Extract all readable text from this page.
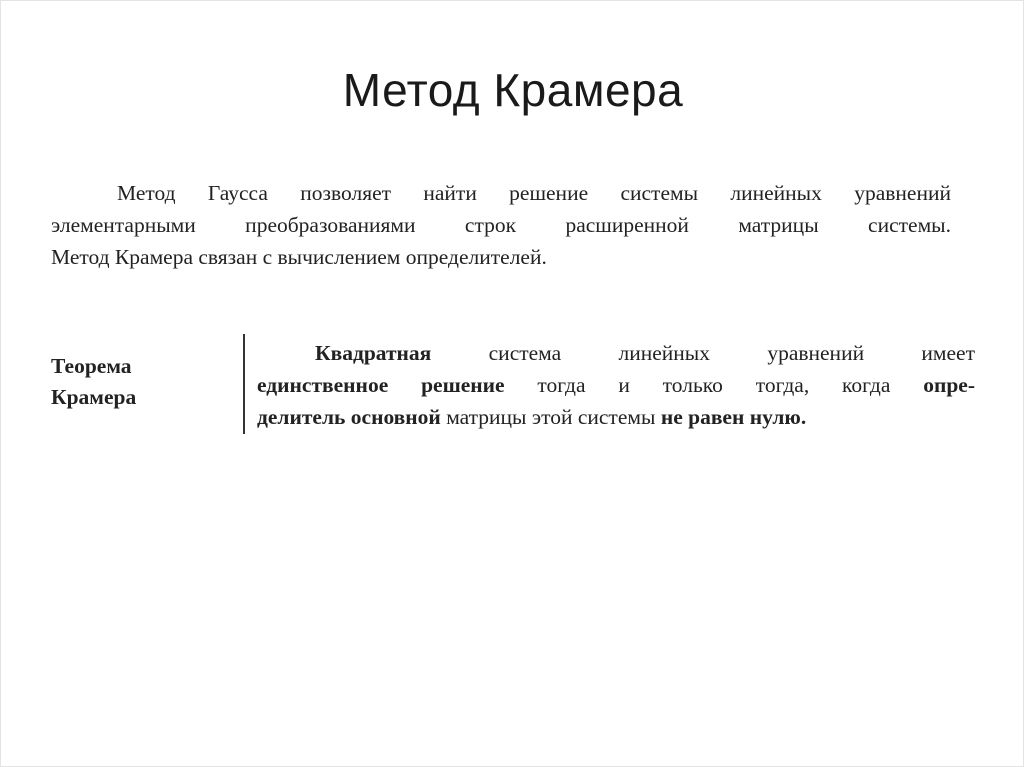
Метод Крамера
Метод Гаусса позволяет найти решение системы линейных уравнений
элементарными преобразованиями строк расширенной матрицы системы.
Метод Крамера связан с вычислением определителей.
Теорема
Крамера
Квадратная система линейных уравнений имеет
единственное решение тогда и только тогда, когда опре-
делитель основной матрицы этой системы не равен нулю.
